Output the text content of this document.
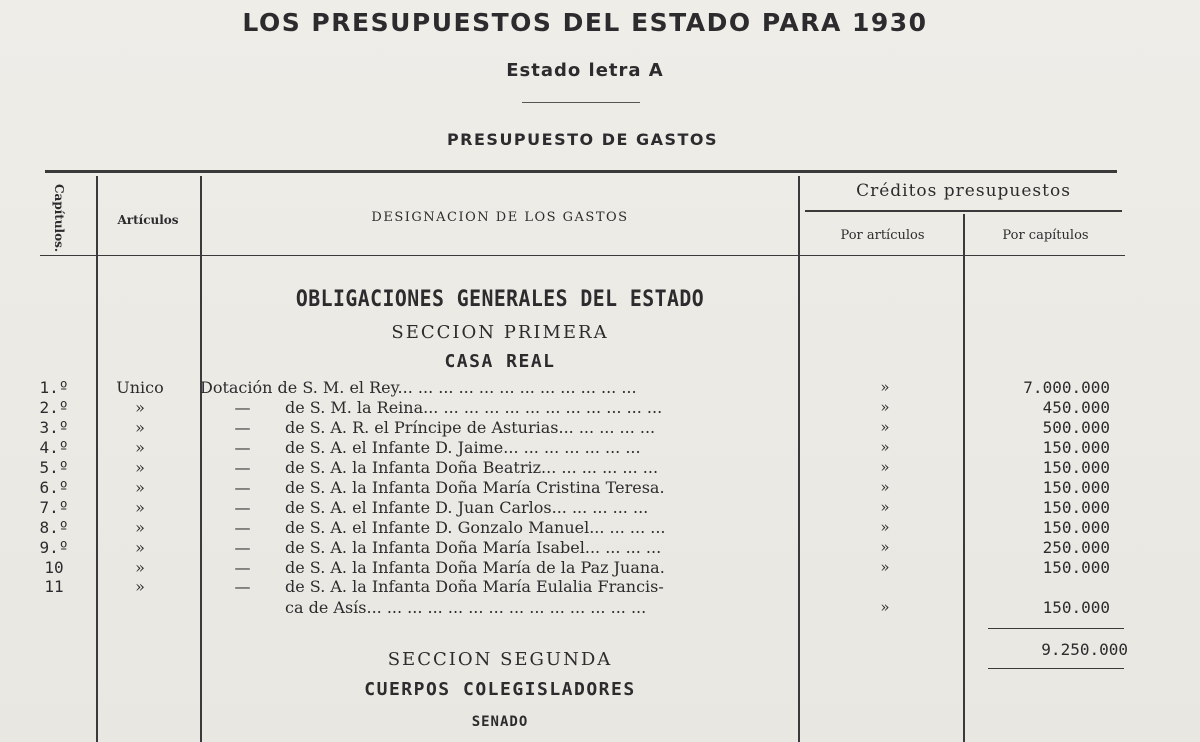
LOS PRESUPUESTOS DEL ESTADO PARA 1930
Estado letra A
PRESUPUESTO DE GASTOS
Capítulos.	Artículos	DESIGNACION DE LOS GASTOS
Créditos presupuestos
Por artículos	Por capítulos
OBLIGACIONES GENERALES DEL ESTADO
SECCION PRIMERA
CASA REAL
1.º	Unico	Dotación de S. M. el Rey... ... ... ... ... ... ... ... ... ... ... ...	»	7.000.000
2.º	»	— de S. M. la Reina... ... ... ... ... ... ... ... ... ... ... ...	»	450.000
3.º	»	— de S. A. R. el Príncipe de Asturias... ... ... ... ...	»	500.000
4.º	»	— de S. A. el Infante D. Jaime... ... ... ... ... ... ...	»	150.000
5.º	»	— de S. A. la Infanta Doña Beatriz... ... ... ... ... ...	»	150.000
6.º	»	— de S. A. la Infanta Doña María Cristina Teresa.	»	150.000
7.º	»	— de S. A. el Infante D. Juan Carlos... ... ... ... ...	»	150.000
8.º	»	— de S. A. el Infante D. Gonzalo Manuel... ... ... ...	»	150.000
9.º	»	— de S. A. la Infanta Doña María Isabel... ... ... ...	»	250.000
10	»	— de S. A. la Infanta Doña María de la Paz Juana.	»	150.000
11	»	— de S. A. la Infanta Doña María Eulalia Francis-
ca de Asís... ... ... ... ... ... ... ... ... ... ... ... ... ...	»	150.000
9.250.000
SECCION SEGUNDA
CUERPOS COLEGISLADORES
SENADO
